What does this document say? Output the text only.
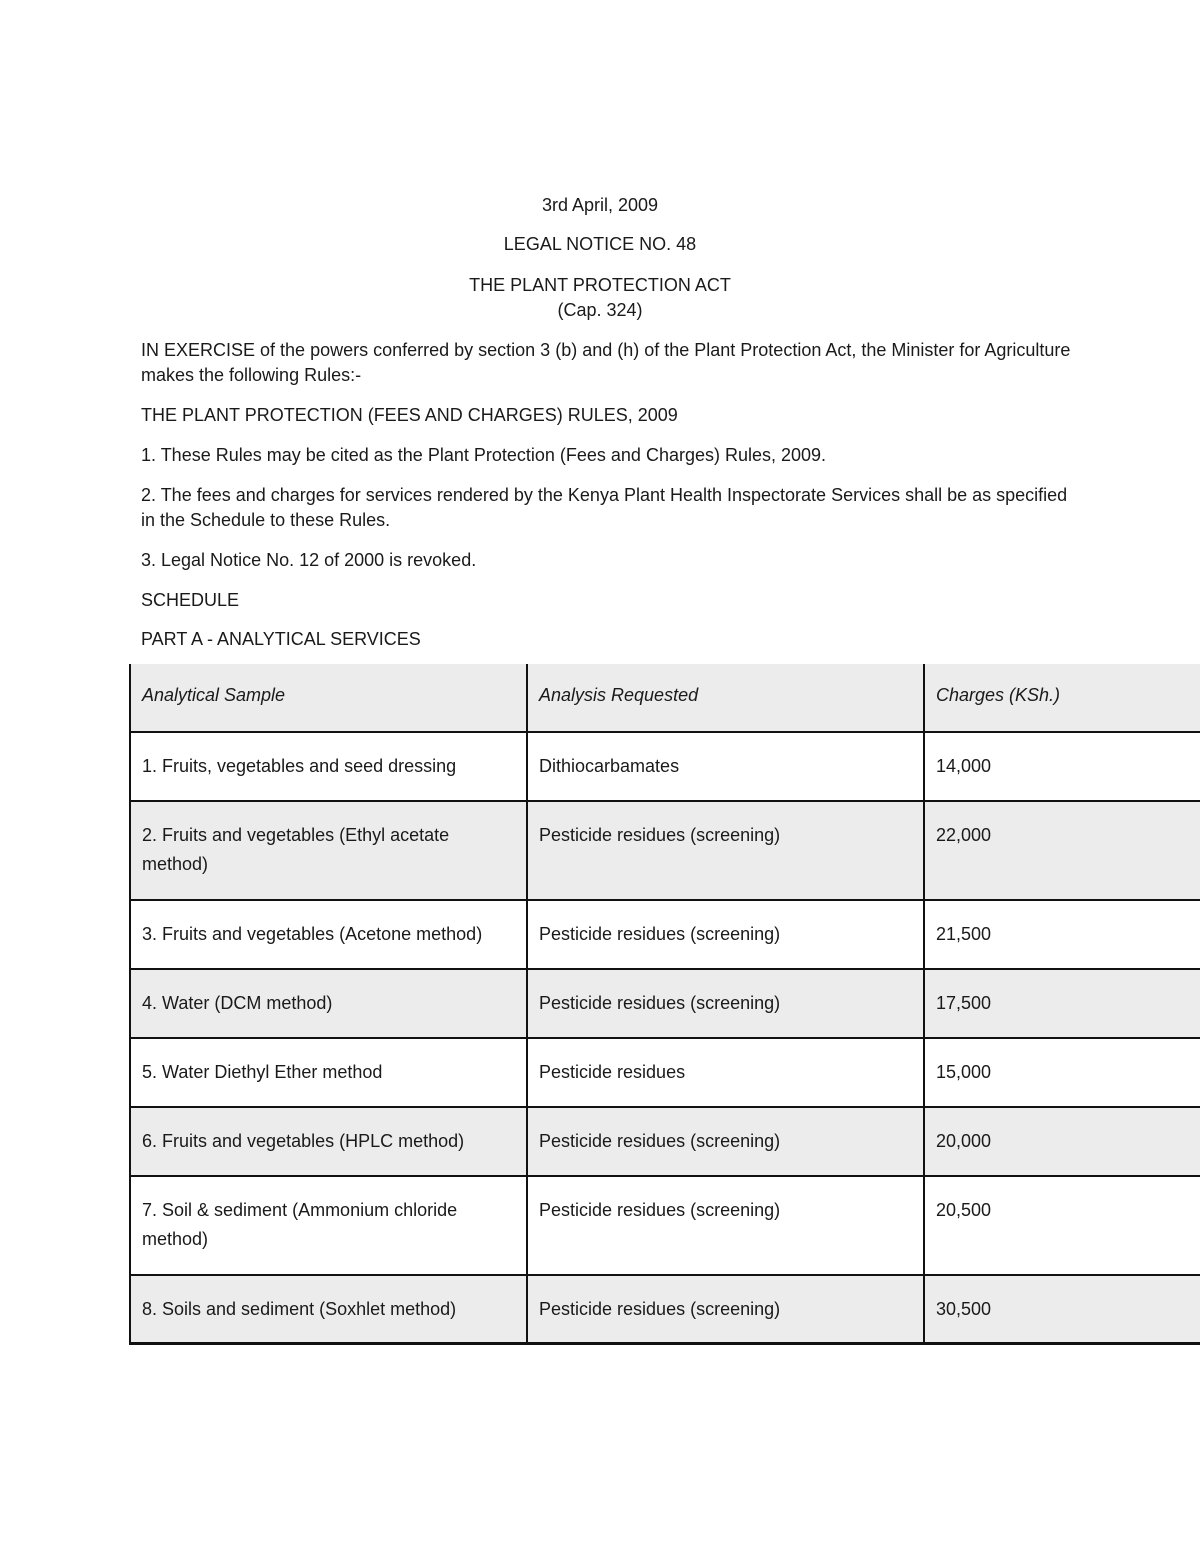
3rd April, 2009
LEGAL NOTICE NO. 48
THE PLANT PROTECTION ACT
(Cap. 324)
IN EXERCISE of the powers conferred by section 3 (b) and (h) of the Plant Protection Act, the Minister for Agriculture makes the following Rules:-
THE PLANT PROTECTION (FEES AND CHARGES) RULES, 2009
1. These Rules may be cited as the Plant Protection (Fees and Charges) Rules, 2009.
2. The fees and charges for services rendered by the Kenya Plant Health Inspectorate Services shall be as specified in the Schedule to these Rules.
3. Legal Notice No. 12 of 2000 is revoked.
SCHEDULE
PART A - ANALYTICAL SERVICES
Analytical Sample	Analysis Requested	Charges (KSh.)
1. Fruits, vegetables and seed dressing	Dithiocarbamates	14,000
2. Fruits and vegetables (Ethyl acetate method)	Pesticide residues (screening)	22,000
3. Fruits and vegetables (Acetone method)	Pesticide residues (screening)	21,500
4. Water (DCM method)	Pesticide residues (screening)	17,500
5. Water Diethyl Ether method	Pesticide residues	15,000
6. Fruits and vegetables (HPLC method)	Pesticide residues (screening)	20,000
7. Soil & sediment (Ammonium chloride method)	Pesticide residues (screening)	20,500
8. Soils and sediment (Soxhlet method)	Pesticide residues (screening)	30,500
